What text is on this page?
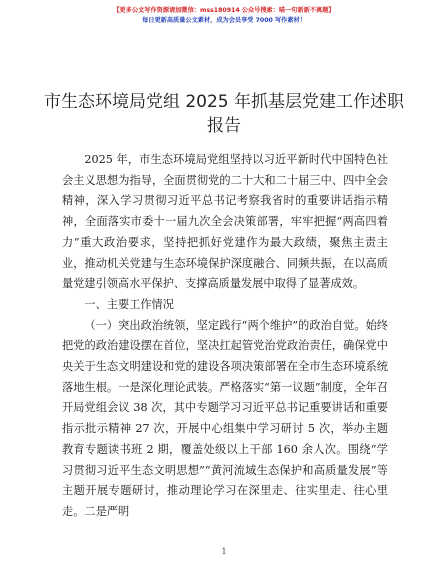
【更多公文写作资源请加微信：mss180914 公众号搜索：喵一句新新不离题】
每日更新高质量公文素材，成为会员享受 7000 写作素材！
市生态环境局党组 2025 年抓基层党建工作述职报告

2025 年，市生态环境局党组坚持以习近平新时代中国特色社会主义思想为指导，全面贯彻党的二十大和二十届三中、四中全会精神，深入学习贯彻习近平总书记考察我省时的重要讲话指示精神，全面落实市委十一届九次全会决策部署，牢牢把握“两高四着力”重大政治要求，坚持把抓好党建作为最大政绩，聚焦主责主业，推动机关党建与生态环境保护深度融合、同频共振，在以高质量党建引领高水平保护、支撑高质量发展中取得了显著成效。

一、主要工作情况

（一）突出政治统领，坚定践行“两个维护”的政治自觉。始终把党的政治建设摆在首位，坚决扛起管党治党政治责任，确保党中央关于生态文明建设和党的建设各项决策部署在全市生态环境系统落地生根。一是深化理论武装。严格落实“第一议题”制度，全年召开局党组会议 38 次，其中专题学习习近平总书记重要讲话和重要指示批示精神 27 次，开展中心组集中学习研讨 5 次，举办主题教育专题读书班 2 期，覆盖处级以上干部 160 余人次。围绕“学习贯彻习近平生态文明思想”“黄河流域生态保护和高质量发展”等主题开展专题研讨，推动理论学习在深里走、往实里走、往心里走。二是严明

1
